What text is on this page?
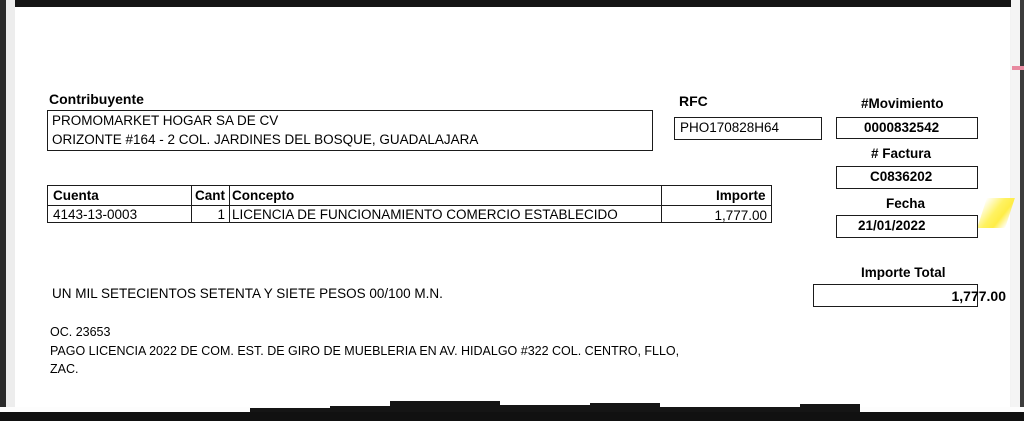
Contribuyente
PROMOMARKET HOGAR SA DE CV
ORIZONTE #164 - 2 COL. JARDINES DEL BOSQUE, GUADALAJARA
RFC
PHO170828H64
#Movimiento
0000832542
# Factura
C0836202
Fecha
21/01/2022
Cuenta	Cant Concepto	Importe
4143-13-0003	1 LICENCIA DE FUNCIONAMIENTO COMERCIO ESTABLECIDO	1,777.00
Importe Total
1,777.00
UN MIL SETECIENTOS SETENTA Y SIETE PESOS 00/100 M.N.
OC. 23653
PAGO LICENCIA 2022 DE COM. EST. DE GIRO DE MUEBLERIA EN AV. HIDALGO #322 COL. CENTRO, FLLO,
ZAC.
